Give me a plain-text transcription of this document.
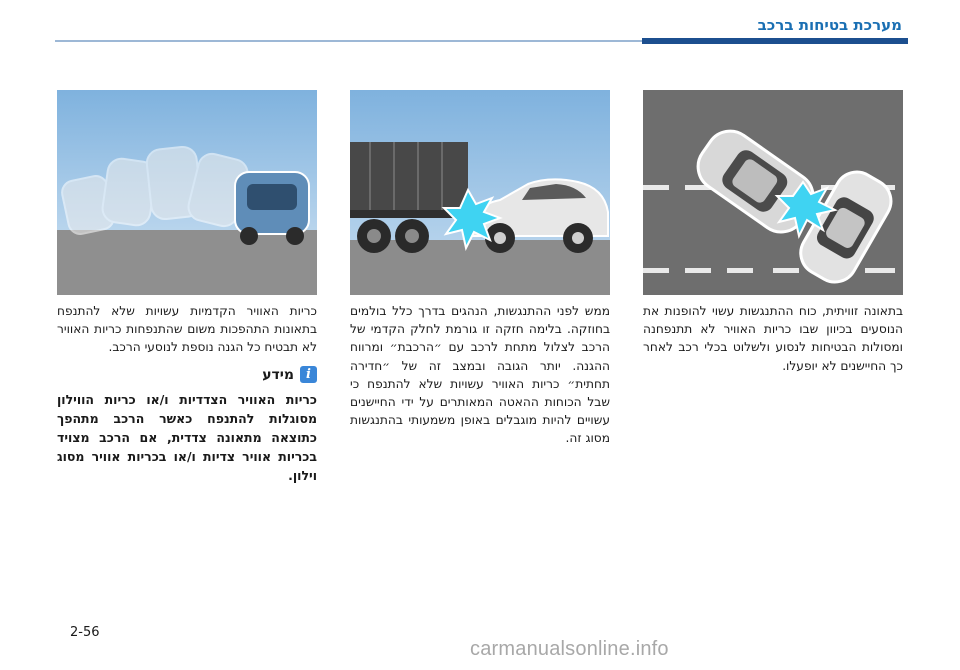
מערכת בטיחות ברכב

בתאונה זוויתית, כוח ההתנגשות עשוי להופנות את הנוסעים בכיוון שבו כריות האוויר לא תתנפחנה ומסולות הבטיחות לנסוע ולשלוט בכלי רכב לאחר כך החיישנים לא יופעלו.

ממש לפני ההתנגשות, הנהגים בדרך כלל בולמים בחוזקה. בלימה חזקה זו גורמת לחלק הקדמי של הרכב לצלול מתחת לרכב עם ״הרכבת״ ומרווח ההגנה. יותר הגובה ובמצב זה של ״חדירה תחתית״ כריות האוויר עשויות שלא להתנפח כי שבל הכוחות ההאטה המאותרים על ידי החיישנים עשויים להיות מוגבלים באופן משמעותי בהתנגשות מסוג זה.

כריות האוויר הקדמיות עשויות שלא להתנפח בתאונות התהפכות משום שהתנפחות כריות האוויר לא תבטיח כל הגנה נוספת לנוסעי הרכב.

i
מידע

כריות האוויר הצדדיות ו/או כריות הווילון מסוגלות להתנפח כאשר הרכב מתהפך כתוצאה מתאונה צדדית, אם הרכב מצויד בכריות אוויר צדיות ו/או בכריות אוויר מסוג וילון.

2-56
carmanualsonline.info
